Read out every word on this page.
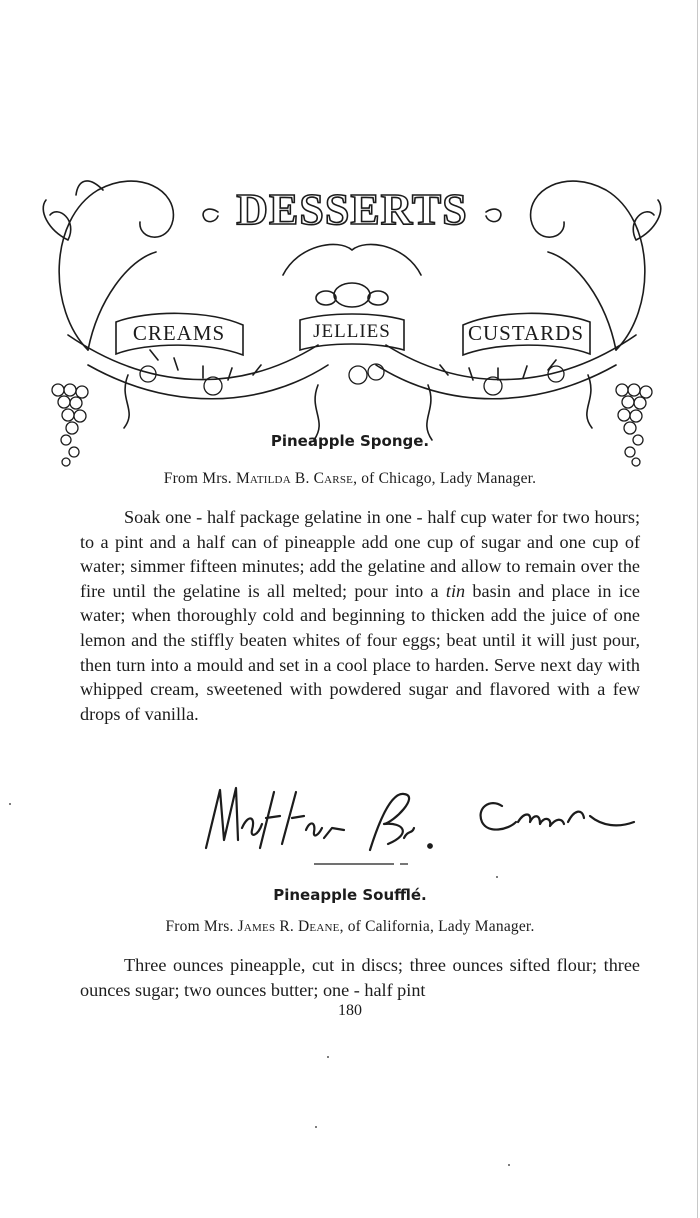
DESSERTS
CREAMS	JELLIES	CUSTARDS
Pineapple Sponge.
From Mrs. Matilda B. Carse, of Chicago, Lady Manager.

Soak one - half package gelatine in one - half cup water for two hours; to a pint and a half can of pineapple add one cup of sugar and one cup of water; simmer fifteen minutes; add the gelatine and allow to remain over the fire until the gelatine is all melted; pour into a tin basin and place in ice water; when thoroughly cold and beginning to thicken add the juice of one lemon and the stiffly beaten whites of four eggs; beat until it will just pour, then turn into a mould and set in a cool place to harden. Serve next day with whipped cream, sweetened with powdered sugar and flavored with a few drops of vanilla.

Pineapple Soufflé.
From Mrs. James R. Deane, of California, Lady Manager.

Three ounces pineapple, cut in discs; three ounces sifted flour; three ounces sugar; two ounces butter; one - half pint

180
